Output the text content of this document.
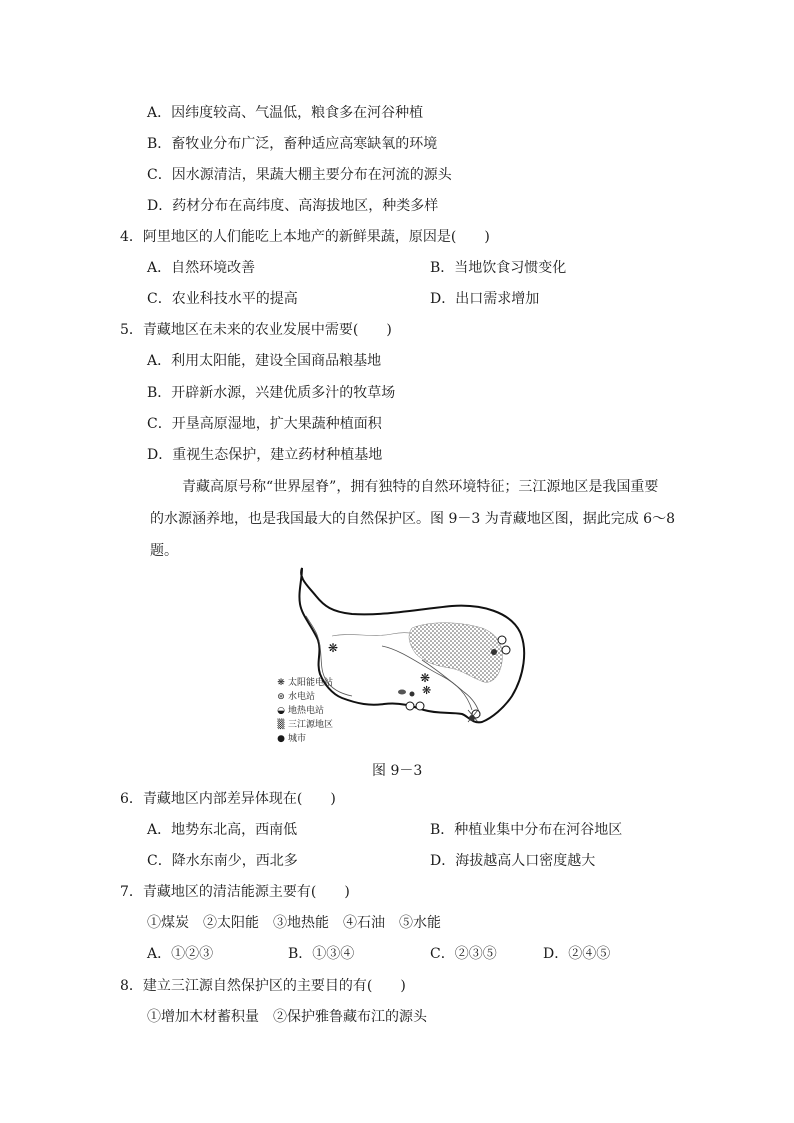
A．因纬度较高、气温低，粮食多在河谷种植
B．畜牧业分布广泛，畜种适应高寒缺氧的环境
C．因水源清洁，果蔬大棚主要分布在河流的源头
D．药材分布在高纬度、高海拔地区，种类多样
4．阿里地区的人们能吃上本地产的新鲜果蔬，原因是(　　)
A．自然环境改善	B．当地饮食习惯变化
C．农业科技水平的提高	D．出口需求增加
5．青藏地区在未来的农业发展中需要(　　)
A．利用太阳能，建设全国商品粮基地
B．开辟新水源，兴建优质多汁的牧草场
C．开垦高原湿地，扩大果蔬种植面积
D．重视生态保护，建立药材种植基地
青藏高原号称“世界屋脊”，拥有独特的自然环境特征；三江源地区是我国重要
的水源涵养地，也是我国最大的自然保护区。图 9－3 为青藏地区图，据此完成 6～8
题。
❋
❋
❋
❋ 太阳能电站
⊛ 水电站
◒ 地热电站
▒ 三江源地区
● 城市
图 9－3
6．青藏地区内部差异体现在(　　)
A．地势东北高，西南低	B．种植业集中分布在河谷地区
C．降水东南少，西北多	D．海拔越高人口密度越大
7．青藏地区的清洁能源主要有(　　)
①煤炭　②太阳能　③地热能　④石油　⑤水能
A．①②③	B．①③④	C．②③⑤	D．②④⑤
8．建立三江源自然保护区的主要目的有(　　)
①增加木材蓄积量　②保护雅鲁藏布江的源头
